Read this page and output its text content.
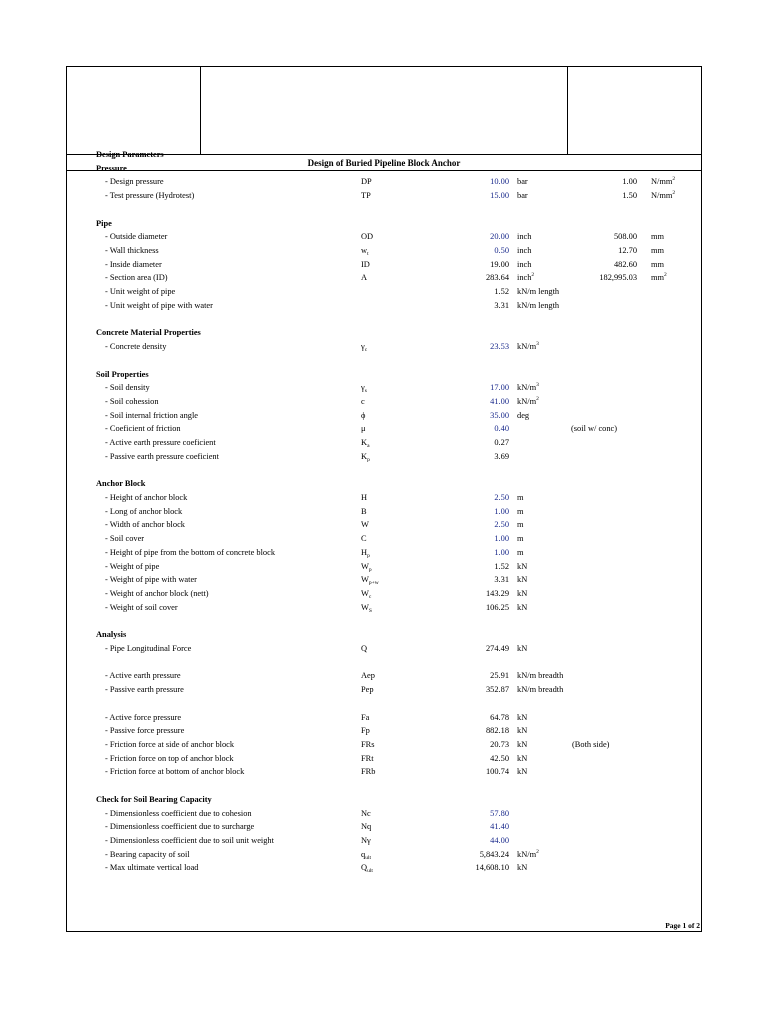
Design of Buried Pipeline Block Anchor
Design Parameters
Pressure
- Design pressure	DP	10.00 bar	1.00 $N/mm^2$
- Test pressure (Hydrotest)	TP	15.00 bar	1.50 $N/mm^2$
Pipe
- Outside diameter	OD	20.00 inch	508.00 mm
- Wall thickness	$w_t$	0.50 inch	12.70 mm
- Inside diameter	ID	19.00 inch	482.60 mm
- Section area (ID)	A	283.64 inch$^2$	182,995.03 $mm^2$
- Unit weight of pipe	1.52 kN/m length
- Unit weight of pipe with water	3.31 kN/m length
Concrete Material Properties
- Concrete density	$\gamma_c$	23.53 $kN/m^3$
Soil Properties
- Soil density	$\gamma_s$	17.00 $kN/m^3$
- Soil cohession	c	41.00 $kN/m^2$
- Soil internal friction angle	ϕ	35.00 deg
- Coeficient of friction	μ	0.40	(soil w/ conc)
- Active earth pressure coeficient	$K_a$	0.27
- Passive earth pressure coeficient	$K_p$	3.69
Anchor Block
- Height of anchor block	H	2.50 m
- Long of anchor block	B	1.00 m
- Width of anchor block	W	2.50 m
- Soil cover	C	1.00 m
- Height of pipe from the bottom of concrete block	$H_p$	1.00 m
- Weight of pipe	$W_p$	1.52 kN
- Weight of pipe with water	$W_{p+w}$	3.31 kN
- Weight of anchor block (nett)	$W_c$	143.29 kN
- Weight of soil cover	$W_S$	106.25 kN
Analysis
- Pipe Longitudinal Force	Q	274.49 kN
- Active earth pressure	Aep	25.91 kN/m breadth
- Passive earth pressure	Pep	352.87 kN/m breadth
- Active force pressure	Fa	64.78 kN
- Passive force pressure	Fp	882.18 kN
- Friction force at side of anchor block	FRs	20.73 kN	(Both side)
- Friction force on top of anchor block	FRt	42.50 kN
- Friction force at bottom of anchor block	FRb	100.74 kN
Check for Soil Bearing Capacity
- Dimensionless coefficient due to cohesion	Nc	57.80
- Dimensionless coefficient due to surcharge	Nq	41.40
- Dimensionless coefficient due to soil unit weight	Nγ	44.00
- Bearing capacity of soil	$q_{ult}$	5,843.24 $kN/m^2$
- Max ultimate vertical load	$Q_{ult}$	14,608.10 kN
Page 1 of 2
